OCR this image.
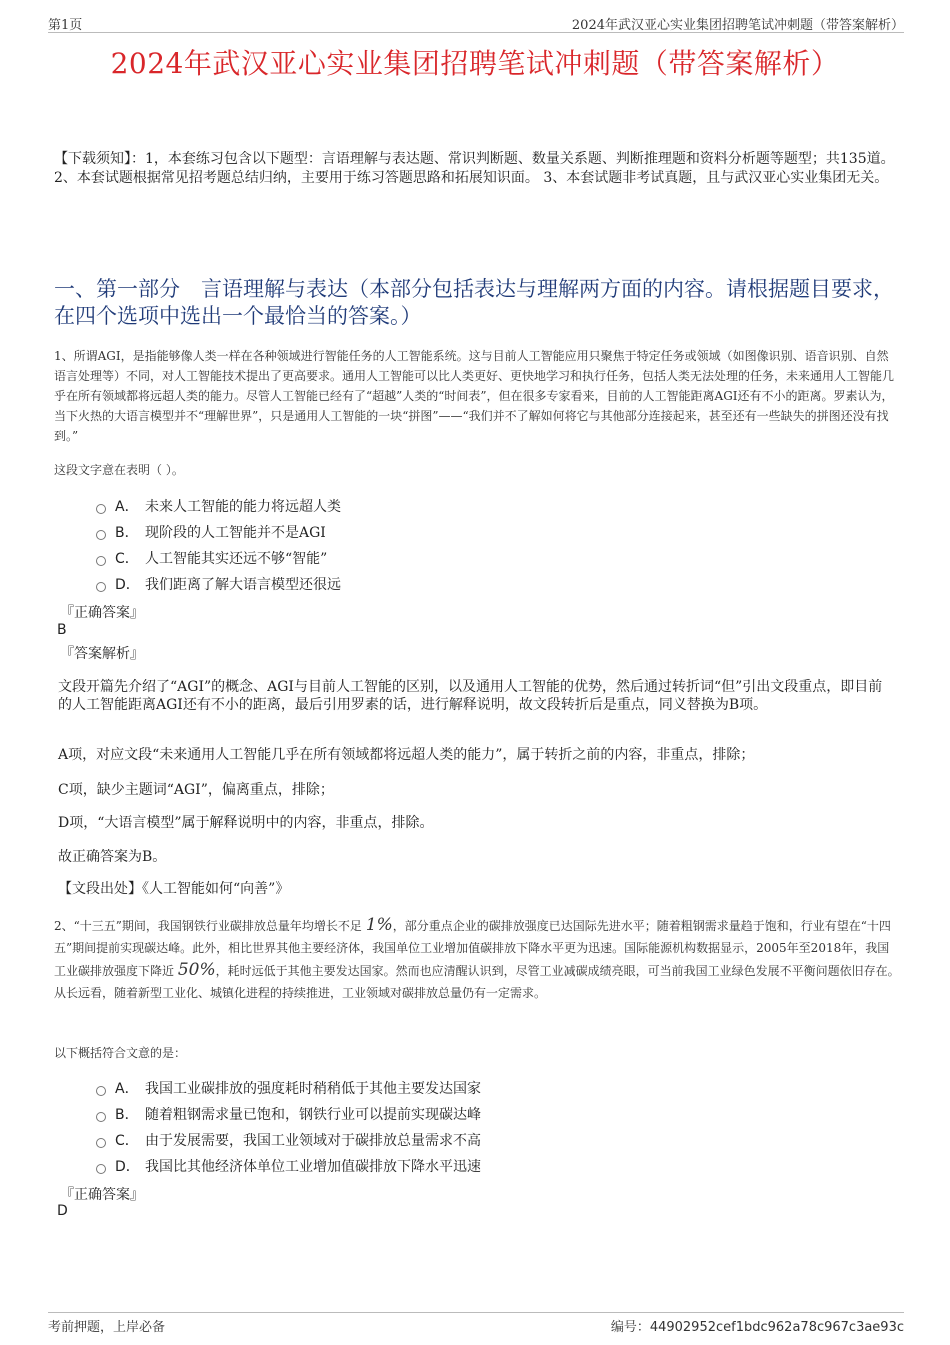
第1页	2024年武汉亚心实业集团招聘笔试冲刺题（带答案解析）
2024年武汉亚心实业集团招聘笔试冲刺题（带答案解析）
【下载须知】：1，本套练习包含以下题型：言语理解与表达题、常识判断题、数量关系题、判断推理题和资料分析题等题型；共135道。 2、本套试题根据常见招考题总结归纳，主要用于练习答题思路和拓展知识面。 3、本套试题非考试真题，且与武汉亚心实业集团无关。
一、第一部分　言语理解与表达（本部分包括表达与理解两方面的内容。请根据题目要求，在四个选项中选出一个最恰当的答案。）
1、所谓AGI，是指能够像人类一样在各种领域进行智能任务的人工智能系统。这与目前人工智能应用只聚焦于特定任务或领域（如图像识别、语音识别、自然语言处理等）不同，对人工智能技术提出了更高要求。通用人工智能可以比人类更好、更快地学习和执行任务，包括人类无法处理的任务，未来通用人工智能几乎在所有领域都将远超人类的能力。尽管人工智能已经有了“超越”人类的“时间表”，但在很多专家看来，目前的人工智能距离AGI还有不小的距离。罗素认为，当下火热的大语言模型并不“理解世界”，只是通用人工智能的一块“拼图”——“我们并不了解如何将它与其他部分连接起来，甚至还有一些缺失的拼图还没有找到。”
这段文字意在表明（ ）。
A． 未来人工智能的能力将远超人类
B． 现阶段的人工智能并不是AGI
C． 人工智能其实还远不够“智能”
D． 我们距离了解大语言模型还很远
『正确答案』
B
『答案解析』
文段开篇先介绍了“AGI”的概念、AGI与目前人工智能的区别，以及通用人工智能的优势，然后通过转折词“但”引出文段重点，即目前的人工智能距离AGI还有不小的距离，最后引用罗素的话，进行解释说明，故文段转折后是重点，同义替换为B项。
A项，对应文段“未来通用人工智能几乎在所有领域都将远超人类的能力”，属于转折之前的内容，非重点，排除；
C项，缺少主题词“AGI”，偏离重点，排除；
D项，“大语言模型”属于解释说明中的内容，非重点，排除。
故正确答案为B。
【文段出处】《人工智能如何“向善”》
2、“十三五”期间，我国钢铁行业碳排放总量年均增长不足 1%，部分重点企业的碳排放强度已达国际先进水平；随着粗钢需求量趋于饱和，行业有望在“十四五”期间提前实现碳达峰。此外，相比世界其他主要经济体，我国单位工业增加值碳排放下降水平更为迅速。国际能源机构数据显示，2005年至2018年，我国工业碳排放强度下降近 50%，耗时远低于其他主要发达国家。然而也应清醒认识到，尽管工业减碳成绩亮眼，可当前我国工业绿色发展不平衡问题依旧存在。从长远看，随着新型工业化、城镇化进程的持续推进，工业领域对碳排放总量仍有一定需求。
以下概括符合文意的是：
A． 我国工业碳排放的强度耗时稍稍低于其他主要发达国家
B． 随着粗钢需求量已饱和，钢铁行业可以提前实现碳达峰
C． 由于发展需要，我国工业领域对于碳排放总量需求不高
D． 我国比其他经济体单位工业增加值碳排放下降水平迅速
『正确答案』
D
考前押题，上岸必备	编号：44902952cef1bdc962a78c967c3ae93c
